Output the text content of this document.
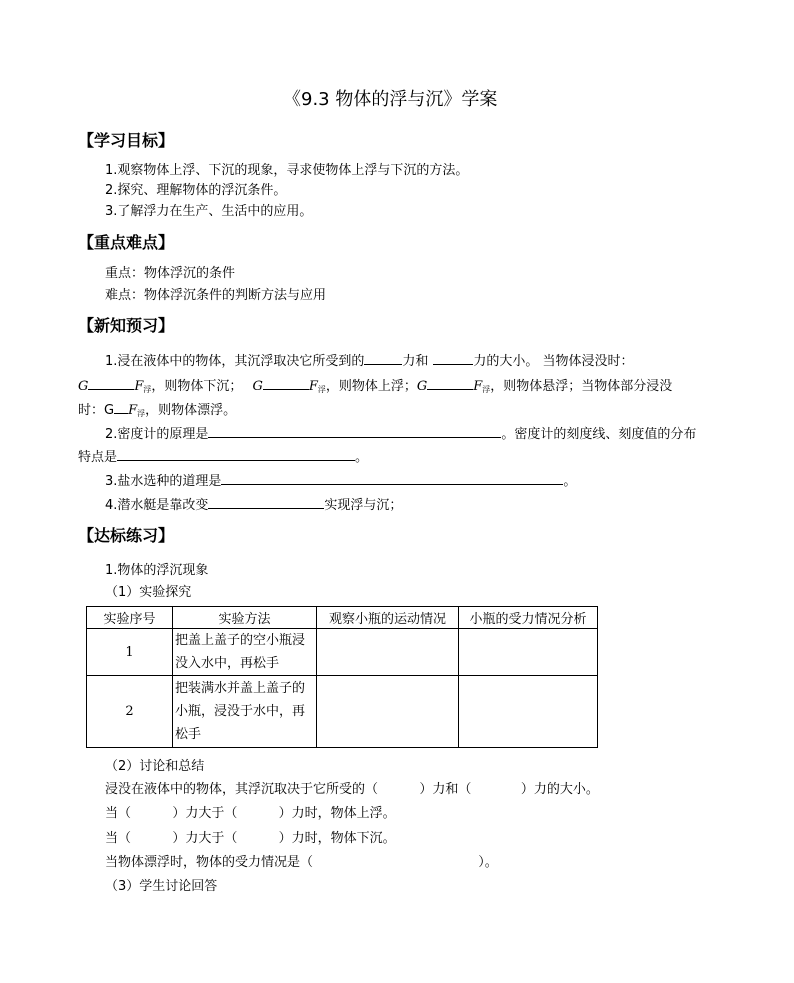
《9.3 物体的浮与沉》学案
【学习目标】
1.观察物体上浮、下沉的现象，寻求使物体上浮与下沉的方法。
2.探究、理解物体的浮沉条件。
3.了解浮力在生产、生活中的应用。
【重点难点】
重点：物体浮沉的条件
难点：物体浮沉条件的判断方法与应用
【新知预习】
1.浸在液体中的物体，其沉浮取决它所受到的	力和	力的大小。 当物体浸没时：
G	$F_浮$，则物体下沉； G	$F_浮$，则物体上浮；G	$F_浮$，则物体悬浮；当物体部分浸没
时：G $F_浮$，则物体漂浮。
2.密度计的原理是	。密度计的刻度线、刻度值的分布
特点是	。
3.盐水选种的道理是	。
4.潜水艇是靠改变	实现浮与沉；
【达标练习】
1.物体的浮沉现象
（1）实验探究
实验序号	实验方法	观察小瓶的运动情况	小瓶的受力情况分析
1	把盖上盖子的空小瓶浸
没入水中，再松手		

2	把装满水并盖上盖子的
小瓶，浸没于水中，再
松手		

（2）讨论和总结
浸没在液体中的物体，其浮沉取决于它所受的（          ）力和（            ）力的大小。
当（          ）力大于（          ）力时，物体上浮。
当（          ）力大于（          ）力时，物体下沉。
当物体漂浮时，物体的受力情况是（                                        ）。
（3）学生讨论回答
